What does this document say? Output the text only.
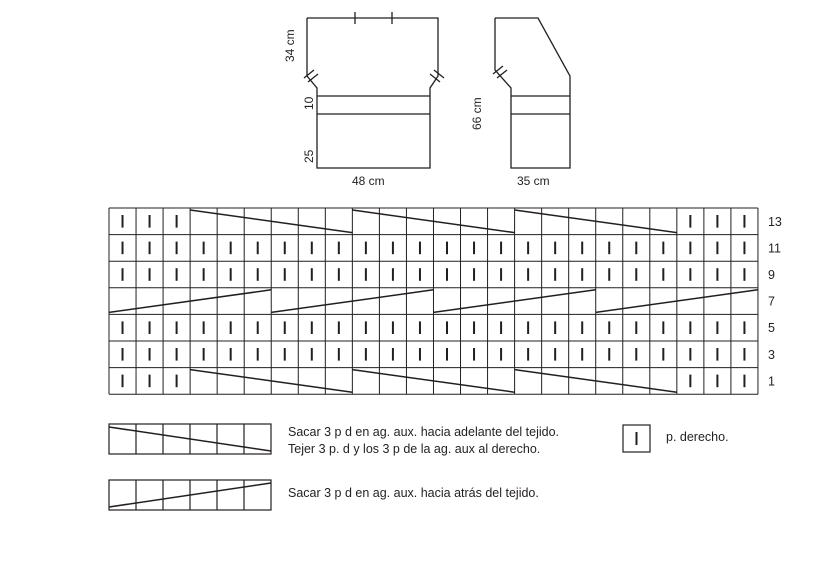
34 cm
10
25
48 cm
66 cm
35 cm
13
11
9
7
5
3
1
Sacar 3 p d en ag. aux. hacia adelante del tejido.
Tejer 3 p. d y los 3 p de la ag. aux al derecho.
p. derecho.
Sacar 3 p d en ag. aux. hacia atrás del tejido.
